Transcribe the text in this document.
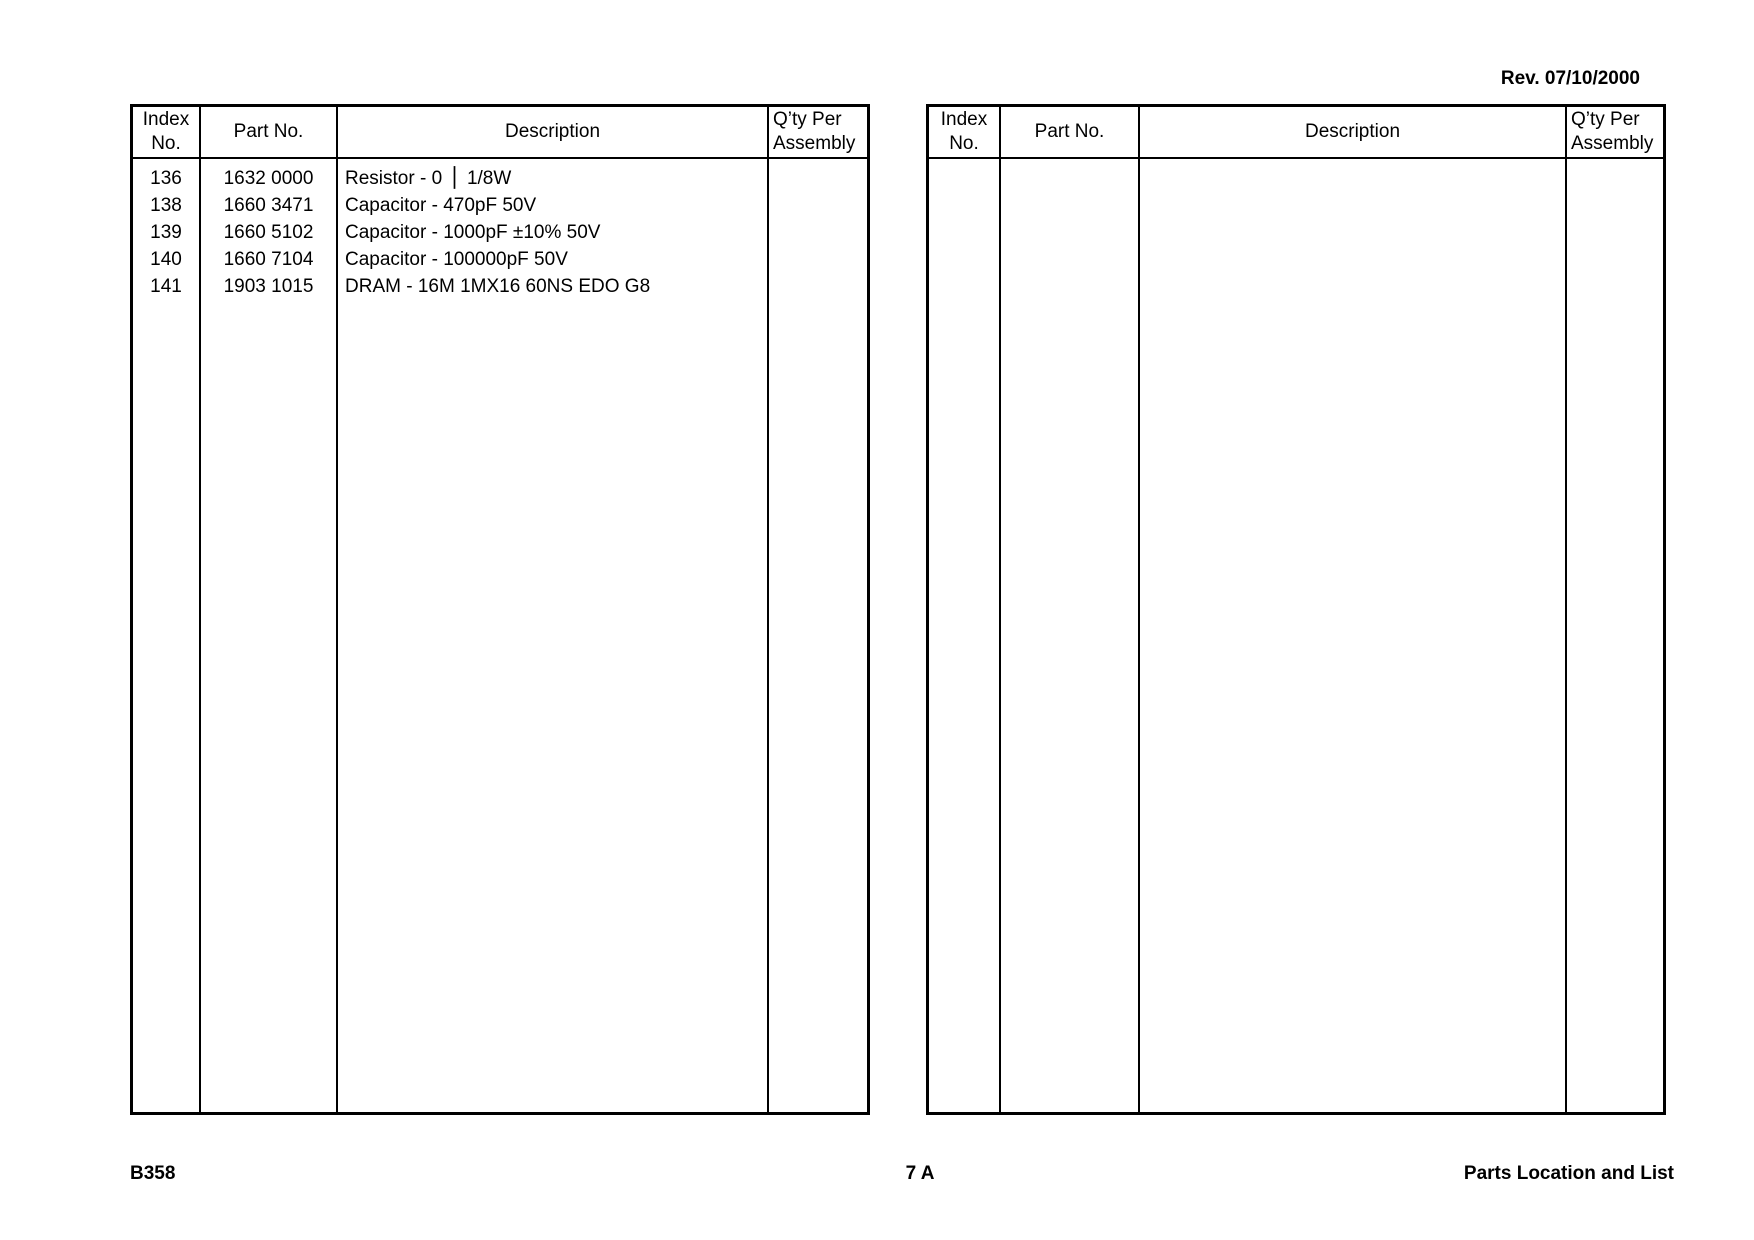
Rev. 07/10/2000
Index
No.
Part No.	Description
Q’ty Per
Assembly
136	1632 0000	Resistor - 0 ⎪ 1/8W
138	1660 3471	Capacitor - 470pF 50V
139	1660 5102	Capacitor - 1000pF ±10% 50V
140	1660 7104	Capacitor - 100000pF 50V
141	1903 1015	DRAM - 16M 1MX16 60NS EDO G8
Index
No.
Part No.	Description
Q’ty Per
Assembly
B358	7 A	Parts Location and List
